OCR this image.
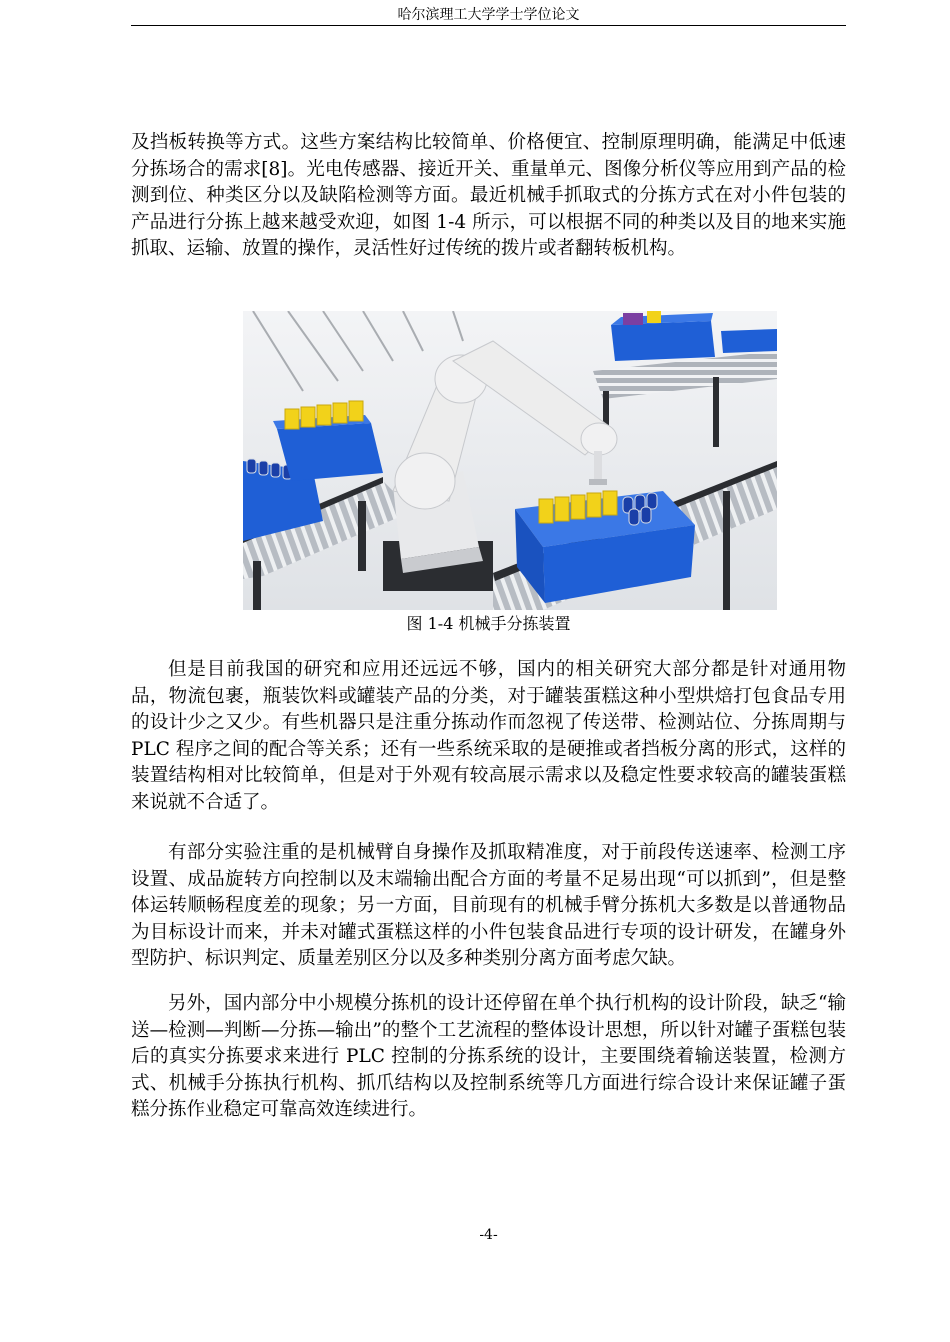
哈尔滨理工大学学士学位论文

及挡板转换等方式。这些方案结构比较简单、价格便宜、控制原理明确，能满足中低速分拣场合的需求[8]。光电传感器、接近开关、重量单元、图像分析仪等应用到产品的检测到位、种类区分以及缺陷检测等方面。最近机械手抓取式的分拣方式在对小件包装的产品进行分拣上越来越受欢迎，如图 1-4 所示，可以根据不同的种类以及目的地来实施抓取、运输、放置的操作，灵活性好过传统的拨片或者翻转板机构。

图 1-4 机械手分拣装置

但是目前我国的研究和应用还远远不够，国内的相关研究大部分都是针对通用物品，物流包裹，瓶装饮料或罐装产品的分类，对于罐装蛋糕这种小型烘焙打包食品专用的设计少之又少。有些机器只是注重分拣动作而忽视了传送带、检测站位、分拣周期与 PLC 程序之间的配合等关系；还有一些系统采取的是硬推或者挡板分离的形式，这样的装置结构相对比较简单，但是对于外观有较高展示需求以及稳定性要求较高的罐装蛋糕来说就不合适了。

有部分实验注重的是机械臂自身操作及抓取精准度，对于前段传送速率、检测工序设置、成品旋转方向控制以及末端输出配合方面的考量不足易出现“可以抓到”，但是整体运转顺畅程度差的现象；另一方面，目前现有的机械手臂分拣机大多数是以普通物品为目标设计而来，并未对罐式蛋糕这样的小件包装食品进行专项的设计研发，在罐身外型防护、标识判定、质量差别区分以及多种类别分离方面考虑欠缺。

另外，国内部分中小规模分拣机的设计还停留在单个执行机构的设计阶段，缺乏“输送—检测—判断—分拣—输出”的整个工艺流程的整体设计思想，所以针对罐子蛋糕包装后的真实分拣要求来进行 PLC 控制的分拣系统的设计，主要围绕着输送装置，检测方式、机械手分拣执行机构、抓爪结构以及控制系统等几方面进行综合设计来保证罐子蛋糕分拣作业稳定可靠高效连续进行。

-4-
